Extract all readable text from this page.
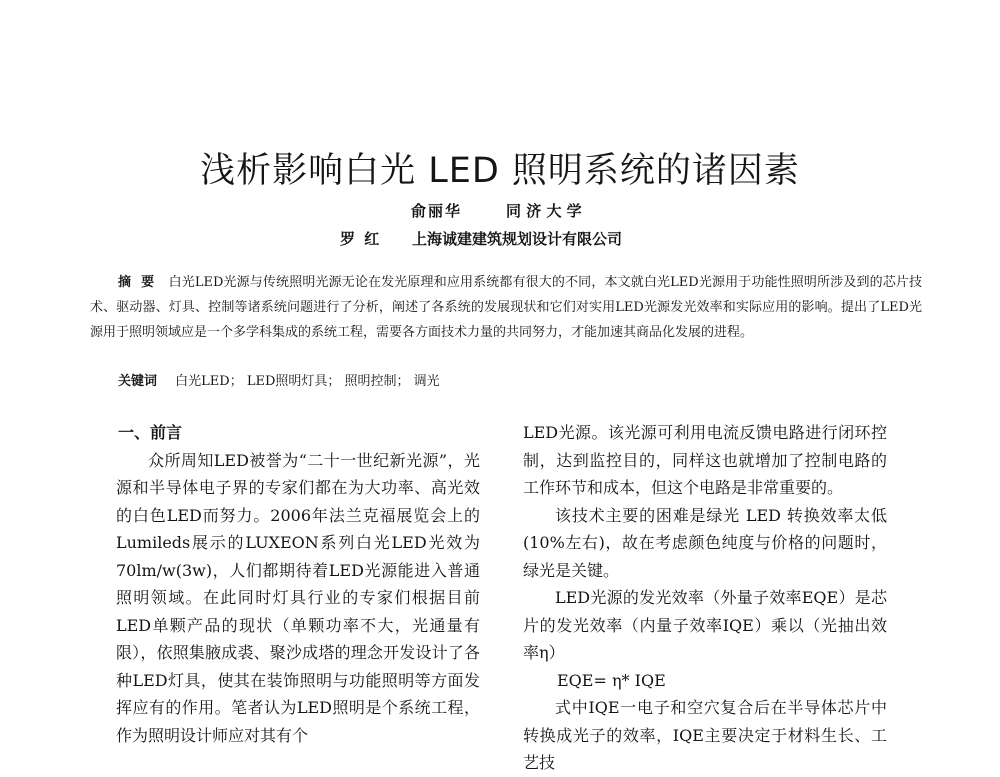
浅析影响白光 LED 照明系统的诸因素
俞丽华	同 济 大 学
罗 红 上海诚建建筑规划设计有限公司
摘要 白光LED光源与传统照明光源无论在发光原理和应用系统都有很大的不同，本文就白光LED光源用于功能性照明所涉及到的芯片技术、驱动器、灯具、控制等诸系统问题进行了分析，阐述了各系统的发展现状和它们对实用LED光源发光效率和实际应用的影响。提出了LED光源用于照明领域应是一个多学科集成的系统工程，需要各方面技术力量的共同努力，才能加速其商品化发展的进程。
关键词 白光LED； LED照明灯具； 照明控制； 调光

一、前言

众所周知LED被誉为“二十一世纪新光源”，光源和半导体电子界的专家们都在为大功率、高光效的白色LED而努力。2006年法兰克福展览会上的Lumileds展示的LUXEON系列白光LED光效为70lm/w(3w)，人们都期待着LED光源能进入普通照明领域。在此同时灯具行业的专家们根据目前LED单颗产品的现状（单颗功率不大，光通量有限），依照集腋成裘、聚沙成塔的理念开发设计了各种LED灯具，使其在装饰照明与功能照明等方面发挥应有的作用。笔者认为LED照明是个系统工程，作为照明设计师应对其有个

LED光源。该光源可利用电流反馈电路进行闭环控制，达到监控目的，同样这也就增加了控制电路的工作环节和成本，但这个电路是非常重要的。

该技术主要的困难是绿光 LED 转换效率太低(10%左右)，故在考虑颜色纯度与价格的问题时，绿光是关键。

LED光源的发光效率（外量子效率EQE）是芯片的发光效率（内量子效率IQE）乘以（光抽出效率η）

EQE= η* IQE

式中IQE一电子和空穴复合后在半导体芯片中转换成光子的效率，IQE主要决定于材料生长、工艺技
